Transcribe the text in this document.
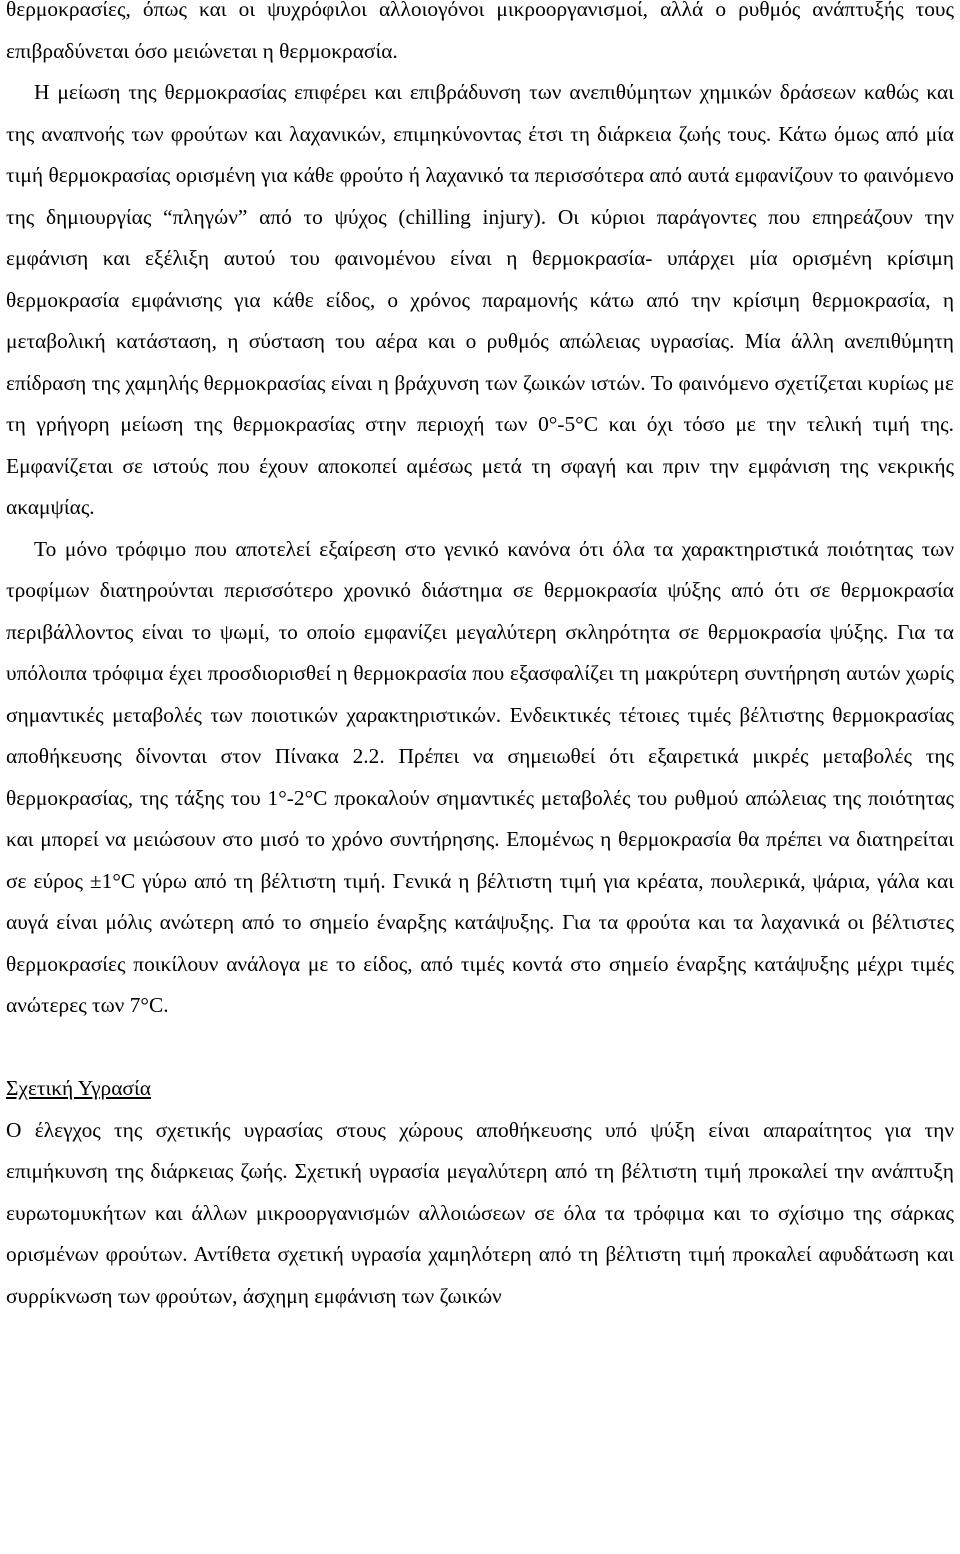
θερμοκρασίες, όπως και οι ψυχρόφιλοι αλλοιογόνοι μικροοργανισμοί, αλλά ο ρυθμός ανάπτυξής τους επιβραδύνεται όσο μειώνεται η θερμοκρασία.

Η μείωση της θερμοκρασίας επιφέρει και επιβράδυνση των ανεπιθύμητων χημικών δράσεων καθώς και της αναπνοής των φρούτων και λαχανικών, επιμηκύνοντας έτσι τη διάρκεια ζωής τους. Κάτω όμως από μία τιμή θερμοκρασίας ορισμένη για κάθε φρούτο ή λαχανικό τα περισσότερα από αυτά εμφανίζουν το φαινόμενο της δημιουργίας “πληγών” από το ψύχος (chilling injury). Οι κύριοι παράγοντες που επηρεάζουν την εμφάνιση και εξέλιξη αυτού του φαινομένου είναι η θερμοκρασία- υπάρχει μία ορισμένη κρίσιμη θερμοκρασία εμφάνισης για κάθε είδος, ο χρόνος παραμονής κάτω από την κρίσιμη θερμοκρασία, η μεταβολική κατάσταση, η σύσταση του αέρα και ο ρυθμός απώλειας υγρασίας. Μία άλλη ανεπιθύμητη επίδραση της χαμηλής θερμοκρασίας είναι η βράχυνση των ζωικών ιστών. Το φαινόμενο σχετίζεται κυρίως με τη γρήγορη μείωση της θερμοκρασίας στην περιοχή των 0°-5°C και όχι τόσο με την τελική τιμή της. Εμφανίζεται σε ιστούς που έχουν αποκοπεί αμέσως μετά τη σφαγή και πριν την εμφάνιση της νεκρικής ακαμψίας.

Το μόνο τρόφιμο που αποτελεί εξαίρεση στο γενικό κανόνα ότι όλα τα χαρακτηριστικά ποιότητας των τροφίμων διατηρούνται περισσότερο χρονικό διάστημα σε θερμοκρασία ψύξης από ότι σε θερμοκρασία περιβάλλοντος είναι το ψωμί, το οποίο εμφανίζει μεγαλύτερη σκληρότητα σε θερμοκρασία ψύξης. Για τα υπόλοιπα τρόφιμα έχει προσδιορισθεί η θερμοκρασία που εξασφαλίζει τη μακρύτερη συντήρηση αυτών χωρίς σημαντικές μεταβολές των ποιοτικών χαρακτηριστικών. Ενδεικτικές τέτοιες τιμές βέλτιστης θερμοκρασίας αποθήκευσης δίνονται στον Πίνακα 2.2. Πρέπει να σημειωθεί ότι εξαιρετικά μικρές μεταβολές της θερμοκρασίας, της τάξης του 1°-2°C προκαλούν σημαντικές μεταβολές του ρυθμού απώλειας της ποιότητας και μπορεί να μειώσουν στο μισό το χρόνο συντήρησης. Επομένως η θερμοκρασία θα πρέπει να διατηρείται σε εύρος ±1°C γύρω από τη βέλτιστη τιμή. Γενικά η βέλτιστη τιμή για κρέατα, πουλερικά, ψάρια, γάλα και αυγά είναι μόλις ανώτερη από το σημείο έναρξης κατάψυξης. Για τα φρούτα και τα λαχανικά οι βέλτιστες θερμοκρασίες ποικίλουν ανάλογα με το είδος, από τιμές κοντά στο σημείο έναρξης κατάψυξης μέχρι τιμές ανώτερες των 7°C.

Σχετική Υγρασία

Ο έλεγχος της σχετικής υγρασίας στους χώρους αποθήκευσης υπό ψύξη είναι απαραίτητος για την επιμήκυνση της διάρκειας ζωής. Σχετική υγρασία μεγαλύτερη από τη βέλτιστη τιμή προκαλεί την ανάπτυξη ευρωτομυκήτων και άλλων μικροοργανισμών αλλοιώσεων σε όλα τα τρόφιμα και το σχίσιμο της σάρκας ορισμένων φρούτων. Αντίθετα σχετική υγρασία χαμηλότερη από τη βέλτιστη τιμή προκαλεί αφυδάτωση και συρρίκνωση των φρούτων, άσχημη εμφάνιση των ζωικών
